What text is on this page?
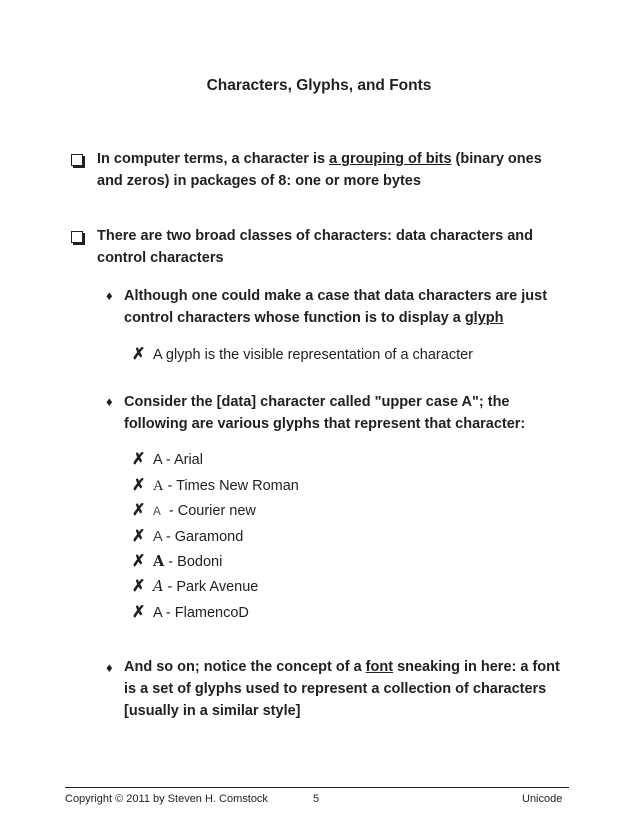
Characters, Glyphs, and Fonts
In computer terms, a character is a grouping of bits (binary ones and zeros) in packages of 8: one or more bytes
There are two broad classes of characters: data characters and control characters
♦ Although one could make a case that data characters are just control characters whose function is to display a glyph
✗ A glyph is the visible representation of a character
♦ Consider the [data] character called "upper case A"; the following are various glyphs that represent that character:
✗ A - Arial
✗ A - Times New Roman
✗ A  - Courier new
✗ A - Garamond
✗ A - Bodoni
✗ A - Park Avenue
✗ A - FlamencoD
♦ And so on; notice the concept of a font sneaking in here: a font is a set of glyphs used to represent a collection of characters [usually in a similar style]
Copyright © 2011 by Steven H. Comstock	5	Unicode
